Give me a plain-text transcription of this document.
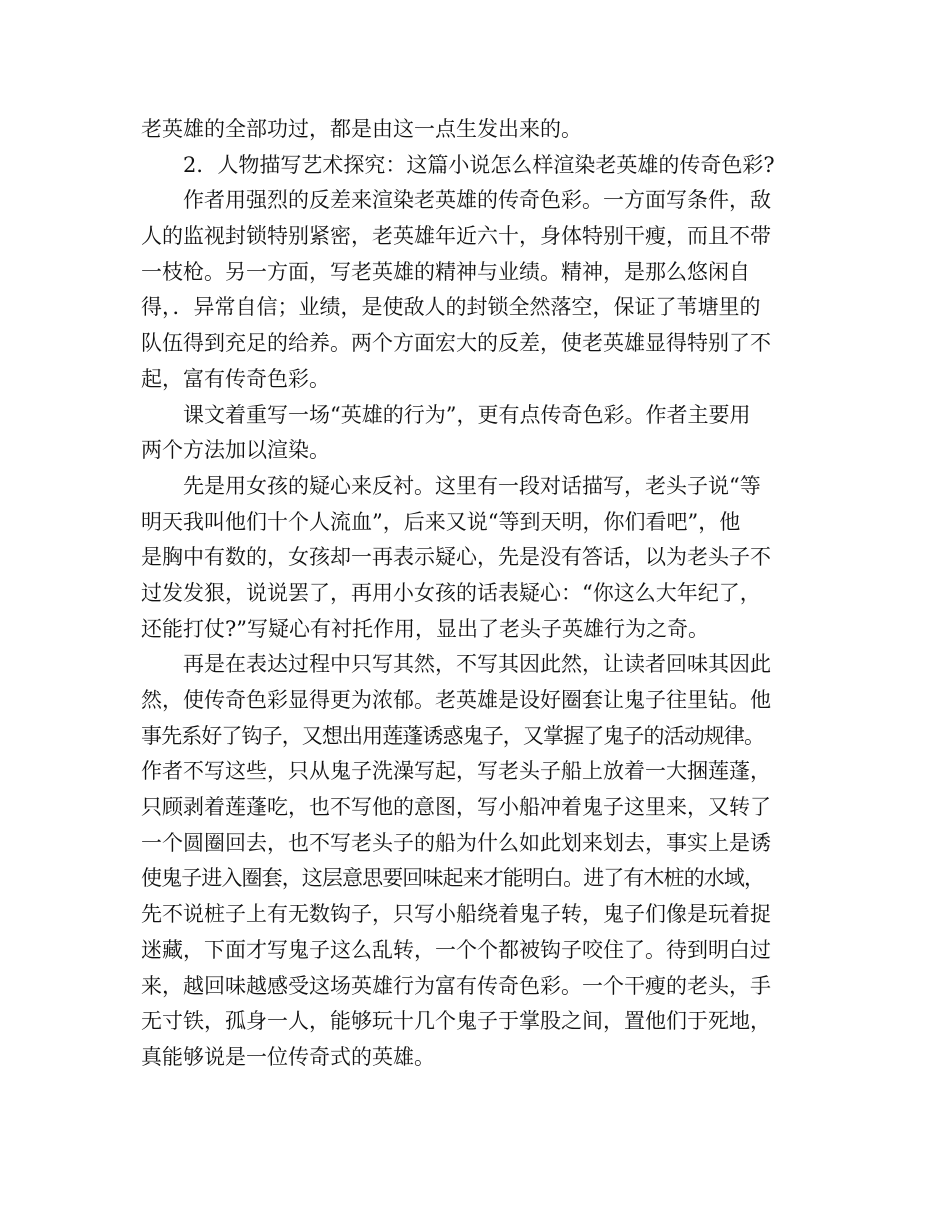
老英雄的全部功过，都是由这一点生发出来的。
2．人物描写艺术探究：这篇小说怎么样渲染老英雄的传奇色彩?
作者用强烈的反差来渲染老英雄的传奇色彩。一方面写条件，敌
人的监视封锁特别紧密，老英雄年近六十，身体特别干瘦，而且不带
一枝枪。另一方面，写老英雄的精神与业绩。精神，是那么悠闲自
得，．异常自信；业绩，是使敌人的封锁全然落空，保证了苇塘里的
队伍得到充足的给养。两个方面宏大的反差，使老英雄显得特别了不
起，富有传奇色彩。
课文着重写一场“英雄的行为”，更有点传奇色彩。作者主要用
两个方法加以渲染。
先是用女孩的疑心来反衬。这里有一段对话描写，老头子说“等
明天我叫他们十个人流血”，后来又说“等到天明，你们看吧”，他
是胸中有数的，女孩却一再表示疑心，先是没有答话，以为老头子不
过发发狠，说说罢了，再用小女孩的话表疑心：“你这么大年纪了，
还能打仗?”写疑心有衬托作用，显出了老头子英雄行为之奇。
再是在表达过程中只写其然，不写其因此然，让读者回味其因此
然，使传奇色彩显得更为浓郁。老英雄是设好圈套让鬼子往里钻。他
事先系好了钩子，又想出用莲蓬诱惑鬼子，又掌握了鬼子的活动规律。
作者不写这些，只从鬼子洗澡写起，写老头子船上放着一大捆莲蓬，
只顾剥着莲蓬吃，也不写他的意图，写小船冲着鬼子这里来，又转了
一个圆圈回去，也不写老头子的船为什么如此划来划去，事实上是诱
使鬼子进入圈套，这层意思要回味起来才能明白。进了有木桩的水域，
先不说桩子上有无数钩子，只写小船绕着鬼子转，鬼子们像是玩着捉
迷藏，下面才写鬼子这么乱转，一个个都被钩子咬住了。待到明白过
来，越回味越感受这场英雄行为富有传奇色彩。一个干瘦的老头，手
无寸铁，孤身一人，能够玩十几个鬼子于掌股之间，置他们于死地，
真能够说是一位传奇式的英雄。
